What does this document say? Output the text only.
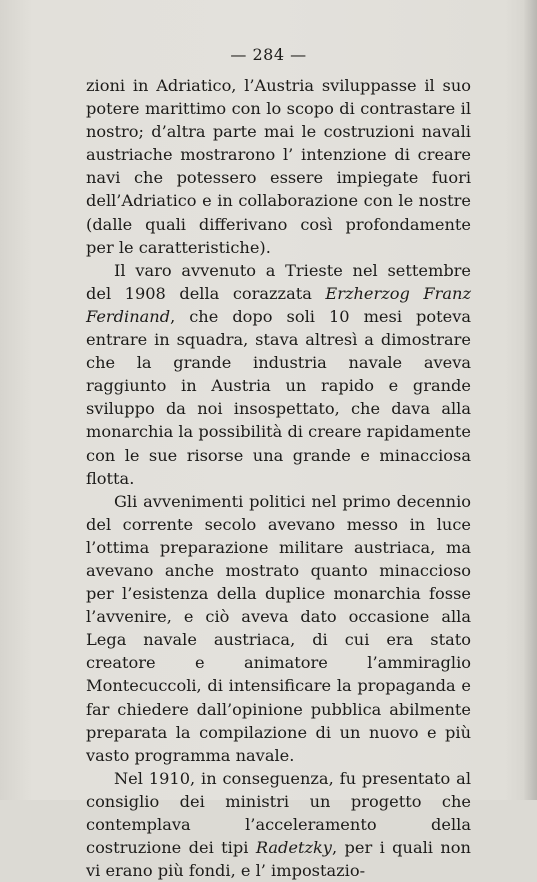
— 284 —

zioni in Adriatico, l’Austria sviluppasse il suo potere marittimo con lo scopo di contrastare il nostro; d’altra parte mai le costruzioni navali austriache mostrarono l’ intenzione di creare navi che potessero essere impiegate fuori dell’Adriatico e in collaborazione con le nostre (dalle quali differivano così profondamente per le caratteristiche).

Il varo avvenuto a Trieste nel settembre del 1908 della corazzata Erzherzog Franz Ferdinand, che dopo soli 10 mesi poteva entrare in squadra, stava altresì a dimostrare che la grande industria navale aveva raggiunto in Austria un rapido e grande sviluppo da noi insospettato, che dava alla monarchia la possibilità di creare rapidamente con le sue risorse una grande e minacciosa flotta.

Gli avvenimenti politici nel primo decennio del corrente secolo avevano messo in luce l’ottima preparazione militare austriaca, ma avevano anche mostrato quanto minaccioso per l’esistenza della duplice monarchia fosse l’avvenire, e ciò aveva dato occasione alla Lega navale austriaca, di cui era stato creatore e animatore l’ammiraglio Montecuccoli, di intensificare la propaganda e far chiedere dall’opinione pubblica abilmente preparata la compilazione di un nuovo e più vasto programma navale.

Nel 1910, in conseguenza, fu presentato al consiglio dei ministri un progetto che contemplava l’acceleramento della costruzione dei tipi Radetzky, per i quali non vi erano più fondi, e l’ impostazio-
